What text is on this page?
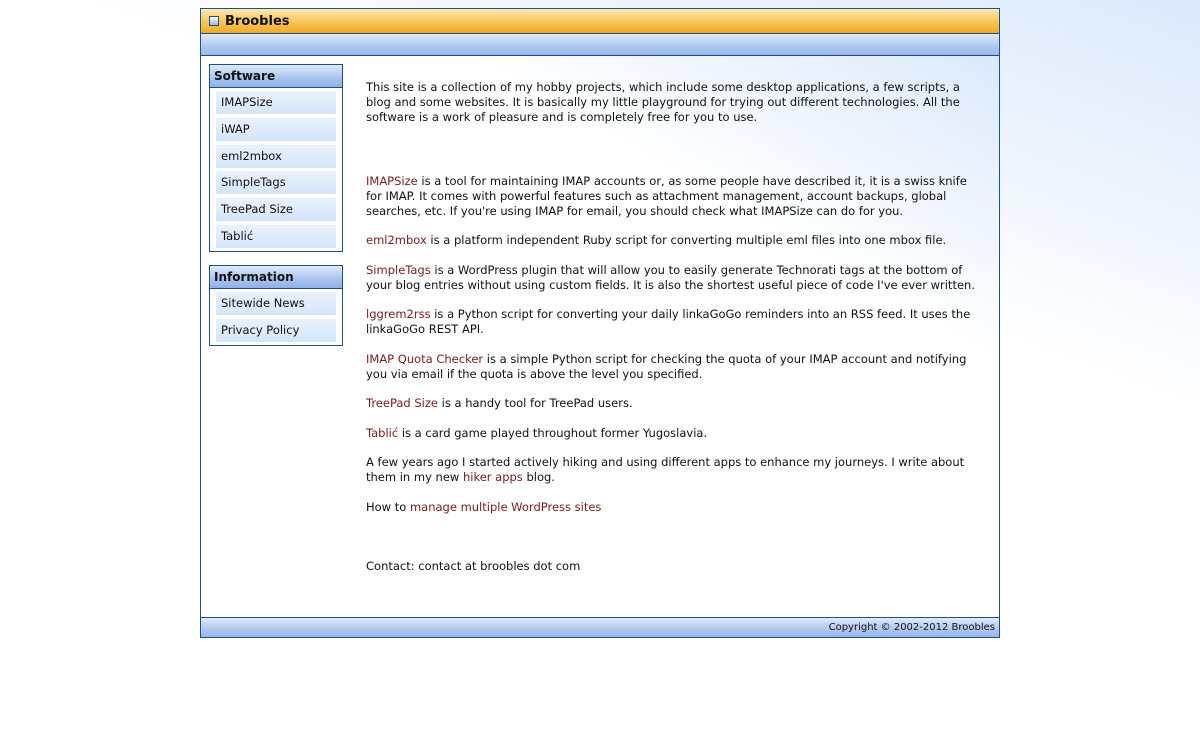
Broobles
Software
IMAPSize
iWAP
eml2mbox
SimpleTags
TreePad Size
Tablić
Information
Sitewide News
Privacy Policy

This site is a collection of my hobby projects, which include some desktop applications, a few scripts, a blog and some websites. It is basically my little playground for trying out different technologies. All the software is a work of pleasure and is completely free for you to use.

IMAPSize is a tool for maintaining IMAP accounts or, as some people have described it, it is a swiss knife for IMAP. It comes with powerful features such as attachment management, account backups, global searches, etc. If you're using IMAP for email, you should check what IMAPSize can do for you.

eml2mbox is a platform independent Ruby script for converting multiple eml files into one mbox file.

SimpleTags is a WordPress plugin that will allow you to easily generate Technorati tags at the bottom of your blog entries without using custom fields. It is also the shortest useful piece of code I've ever written.

lggrem2rss is a Python script for converting your daily linkaGoGo reminders into an RSS feed. It uses the linkaGoGo REST API.

IMAP Quota Checker is a simple Python script for checking the quota of your IMAP account and notifying you via email if the quota is above the level you specified.

TreePad Size is a handy tool for TreePad users.

Tablić is a card game played throughout former Yugoslavia.

A few years ago I started actively hiking and using different apps to enhance my journeys. I write about them in my new hiker apps blog.

How to manage multiple WordPress sites

Contact: contact at broobles dot com

Copyright © 2002-2012 Broobles
